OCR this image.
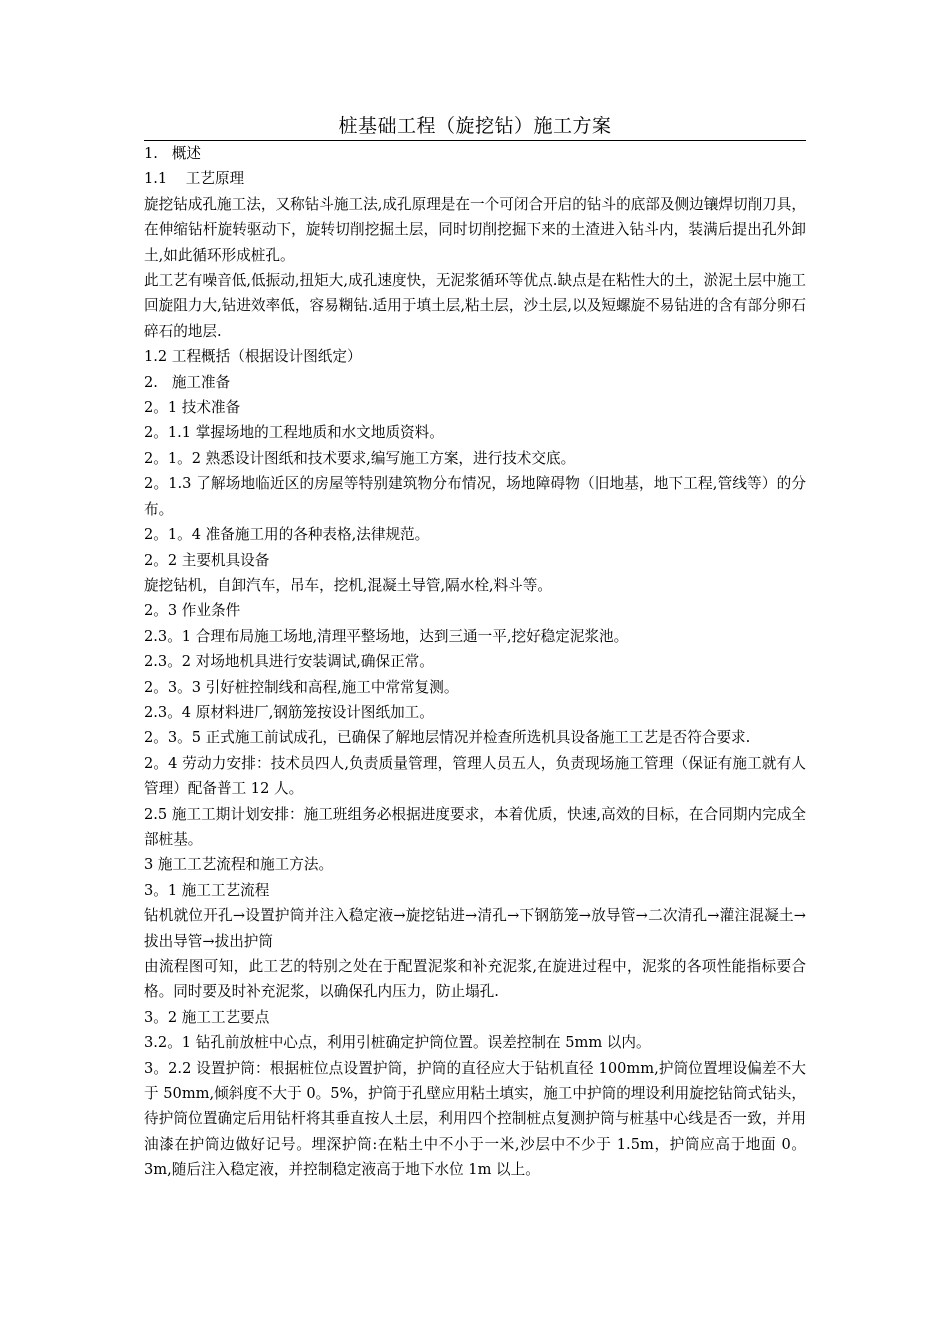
桩基础工程（旋挖钻）施工方案

1.   概述

1.1    工艺原理

旋挖钻成孔施工法，又称钻斗施工法,成孔原理是在一个可闭合开启的钻斗的底部及侧边镶焊切削刀具，在伸缩钻杆旋转驱动下，旋转切削挖掘土层，同时切削挖掘下来的土渣进入钻斗内，装满后提出孔外卸土,如此循环形成桩孔。

此工艺有噪音低,低振动,扭矩大,成孔速度快，无泥浆循环等优点.缺点是在粘性大的土，淤泥土层中施工回旋阻力大,钻进效率低，容易糊钻.适用于填土层,粘土层，沙土层,以及短螺旋不易钻进的含有部分卵石碎石的地层.

1.2 工程概括（根据设计图纸定）

2.   施工准备

2。1 技术准备

2。1.1 掌握场地的工程地质和水文地质资料。

2。1。2 熟悉设计图纸和技术要求,编写施工方案，进行技术交底。

2。1.3 了解场地临近区的房屋等特别建筑物分布情况，场地障碍物（旧地基，地下工程,管线等）的分布。

2。1。4 准备施工用的各种表格,法律规范。

2。2 主要机具设备

旋挖钻机，自卸汽车，吊车，挖机,混凝土导管,隔水栓,料斗等。

2。3 作业条件

2.3。1 合理布局施工场地,清理平整场地，达到三通一平,挖好稳定泥浆池。

2.3。2 对场地机具进行安装调试,确保正常。

2。3。3 引好桩控制线和高程,施工中常常复测。

2.3。4 原材料进厂,钢筋笼按设计图纸加工。

2。3。5 正式施工前试成孔，已确保了解地层情况并检查所选机具设备施工工艺是否符合要求.

2。4 劳动力安排：技术员四人,负责质量管理，管理人员五人，负责现场施工管理（保证有施工就有人管理）配备普工 12 人。

2.5 施工工期计划安排：施工班组务必根据进度要求，本着优质，快速,高效的目标，在合同期内完成全部桩基。

3 施工工艺流程和施工方法。

3。1 施工工艺流程

钻机就位开孔→设置护筒并注入稳定液→旋挖钻进→清孔→下钢筋笼→放导管→二次清孔→灌注混凝土→拔出导管→拔出护筒

由流程图可知，此工艺的特别之处在于配置泥浆和补充泥浆,在旋进过程中，泥浆的各项性能指标要合格。同时要及时补充泥浆，以确保孔内压力，防止塌孔.

3。2 施工工艺要点

3.2。1 钻孔前放桩中心点，利用引桩确定护筒位置。误差控制在 5mm 以内。

3。2.2 设置护筒：根据桩位点设置护筒，护筒的直径应大于钻机直径 100mm,护筒位置埋设偏差不大于 50mm,倾斜度不大于 0。5%，护筒于孔壁应用粘土填实，施工中护筒的埋设利用旋挖钻筒式钻头，待护筒位置确定后用钻杆将其垂直按人土层，利用四个控制桩点复测护筒与桩基中心线是否一致，并用油漆在护筒边做好记号。埋深护筒:在粘土中不小于一米,沙层中不少于 1.5m，护筒应高于地面 0。3m,随后注入稳定液，并控制稳定液高于地下水位 1m 以上。
